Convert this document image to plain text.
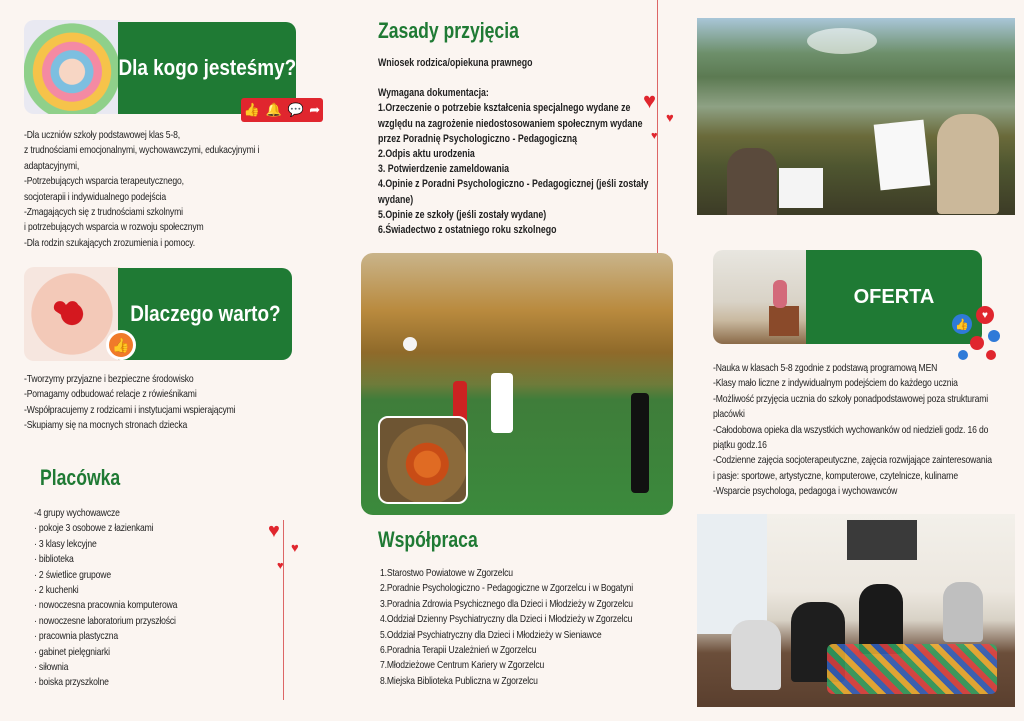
Dla kogo jesteśmy?
👍 🔔 💬 ➦
-Dla uczniów szkoły podstawowej klas 5-8,
z trudnościami emocjonalnymi, wychowawczymi, edukacyjnymi i
adaptacyjnymi,
-Potrzebujących wsparcia terapeutycznego,
socjoterapii i indywidualnego podejścia
-Zmagających się z trudnościami szkolnymi
i potrzebujących wsparcia w rozwoju społecznym
-Dla rodzin szukających zrozumienia i pomocy.
❤ Dlaczego warto?
👍
-Tworzymy przyjazne i bezpieczne środowisko
-Pomagamy odbudować relacje z rówieśnikami
-Współpracujemy z rodzicami i instytucjami wspierającymi
-Skupiamy się na mocnych stronach dziecka
Placówka
-4 grupy wychowawcze
· pokoje 3 osobowe z łazienkami
· 3 klasy lekcyjne
· biblioteka
· 2 świetlice grupowe
· 2 kuchenki
· nowoczesna pracownia komputerowa
· nowoczesne laboratorium przyszłości
· pracownia plastyczna
· gabinet pielęgniarki
· siłownia
· boiska przyszkolne
♥
♥
♥
Zasady przyjęcia
Wniosek rodzica/opiekuna prawnego
Wymagana dokumentacja:
1.Orzeczenie o potrzebie kształcenia specjalnego wydane ze
względu na zagrożenie niedostosowaniem społecznym wydane
przez Poradnię Psychologiczno - Pedagogiczną
2.Odpis aktu urodzenia
3. Potwierdzenie zameldowania
4.Opinie z Poradni Psychologiczno - Pedagogicznej (jeśli zostały
wydane)
5.Opinie ze szkoły (jeśli zostały wydane)
6.Świadectwo z ostatniego roku szkolnego
♥
♥
♥
Współpraca
1.Starostwo Powiatowe w Zgorzelcu
2.Poradnie Psychologiczno - Pedagogiczne w Zgorzelcu i w Bogatyni
3.Poradnia Zdrowia Psychicznego dla Dzieci i Młodzieży w Zgorzelcu
4.Oddział Dzienny Psychiatryczny dla Dzieci i Młodzieży w Zgorzelcu
5.Oddział Psychiatryczny dla Dzieci i Młodzieży w Sieniawce
6.Poradnia Terapii Uzależnień w Zgorzelcu
7.Młodzieżowe Centrum Kariery w Zgorzelcu
8.Miejska Biblioteka Publiczna w Zgorzelcu
OFERTA
👍
♥
-Nauka w klasach 5-8 zgodnie z podstawą programową MEN
-Klasy mało liczne z indywidualnym podejściem do każdego ucznia
-Możliwość przyjęcia ucznia do szkoły ponadpodstawowej poza strukturami
placówki
-Całodobowa opieka dla wszystkich wychowanków od niedzieli godz. 16 do
piątku godz.16
-Codzienne zajęcia socjoterapeutyczne, zajęcia rozwijające zainteresowania
i pasje: sportowe, artystyczne, komputerowe, czytelnicze, kulinarne
-Wsparcie psychologa, pedagoga i wychowawców
